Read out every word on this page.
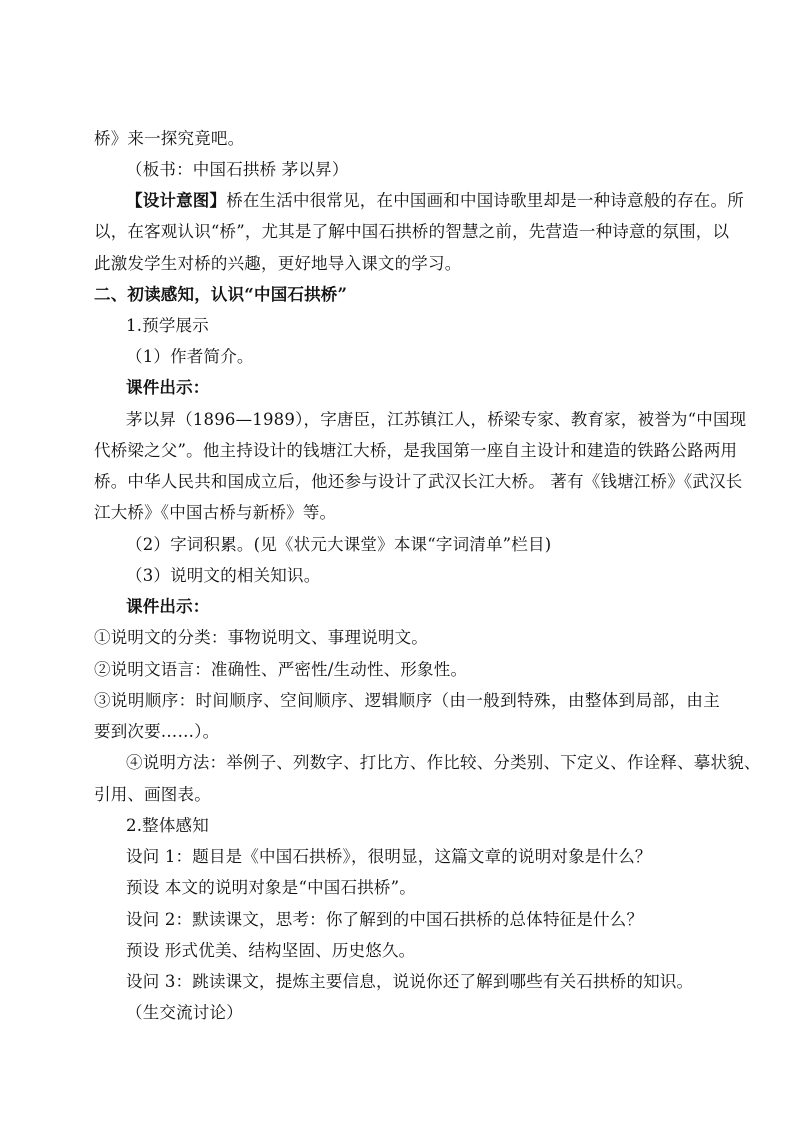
桥》来一探究竟吧。
（板书：中国石拱桥 茅以昇）
【设计意图】桥在生活中很常见，在中国画和中国诗歌里却是一种诗意般的存在。所
以，在客观认识“桥”，尤其是了解中国石拱桥的智慧之前，先营造一种诗意的氛围，以
此激发学生对桥的兴趣，更好地导入课文的学习。
二、初读感知，认识“中国石拱桥”
1.预学展示
（1）作者简介。
课件出示：
茅以昇（1896—1989），字唐臣，江苏镇江人，桥梁专家、教育家，被誉为“中国现
代桥梁之父”。他主持设计的钱塘江大桥，是我国第一座自主设计和建造的铁路公路两用
桥。中华人民共和国成立后，他还参与设计了武汉长江大桥。 著有《钱塘江桥》《武汉长
江大桥》《中国古桥与新桥》等。
（2）字词积累。(见《状元大课堂》本课“字词清单”栏目)
（3）说明文的相关知识。
课件出示：
①说明文的分类：事物说明文、事理说明文。
②说明文语言：准确性、严密性/生动性、形象性。
③说明顺序：时间顺序、空间顺序、逻辑顺序（由一般到特殊，由整体到局部，由主
要到次要……）。
④说明方法：举例子、列数字、打比方、作比较、分类别、下定义、作诠释、摹状貌、
引用、画图表。
2.整体感知
设问 1：题目是《中国石拱桥》，很明显，这篇文章的说明对象是什么？
预设 本文的说明对象是“中国石拱桥”。
设问 2：默读课文，思考：你了解到的中国石拱桥的总体特征是什么？
预设 形式优美、结构坚固、历史悠久。
设问 3：跳读课文，提炼主要信息，说说你还了解到哪些有关石拱桥的知识。
（生交流讨论）
